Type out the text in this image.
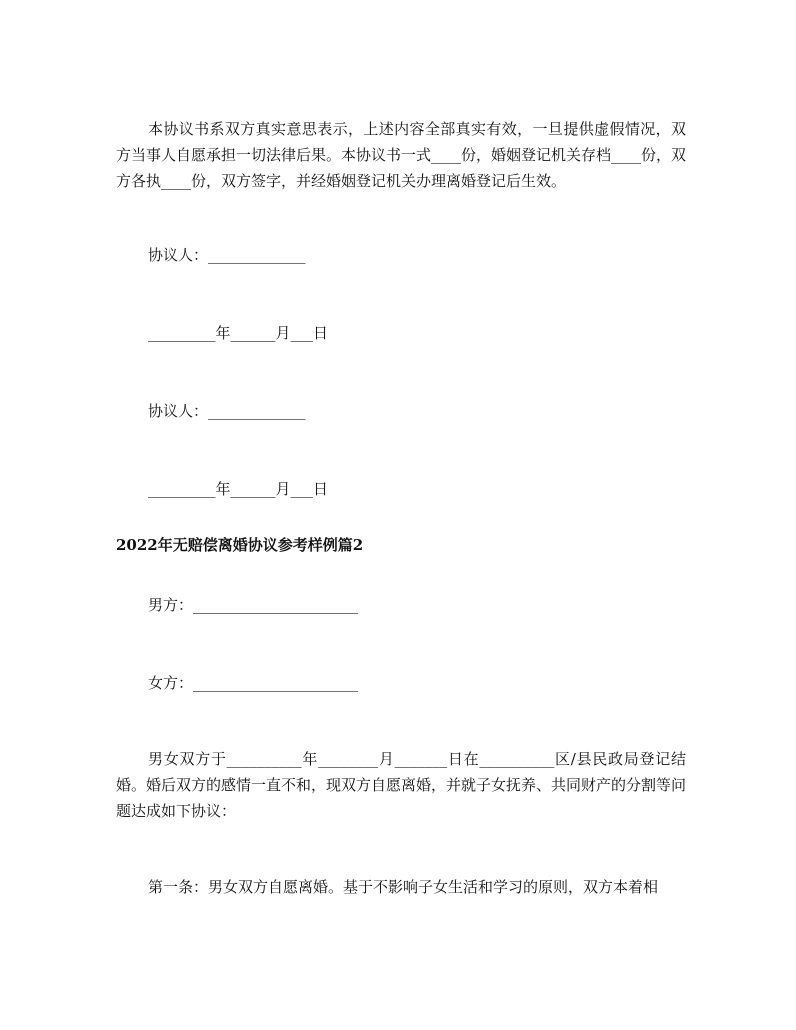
本协议书系双方真实意思表示，上述内容全部真实有效，一旦提供虚假情况，双方当事人自愿承担一切法律后果。本协议书一式____份，婚姻登记机关存档____份，双方各执____份，双方签字，并经婚姻登记机关办理离婚登记后生效。

协议人：_____________

_________年______月___日

协议人：_____________

_________年______月___日

2022年无赔偿离婚协议参考样例篇2

男方：______________________

女方：______________________

男女双方于__________年________月_______日在__________区/县民政局登记结婚。婚后双方的感情一直不和，现双方自愿离婚，并就子女抚养、共同财产的分割等问题达成如下协议：

第一条：男女双方自愿离婚。基于不影响子女生活和学习的原则，双方本着相
